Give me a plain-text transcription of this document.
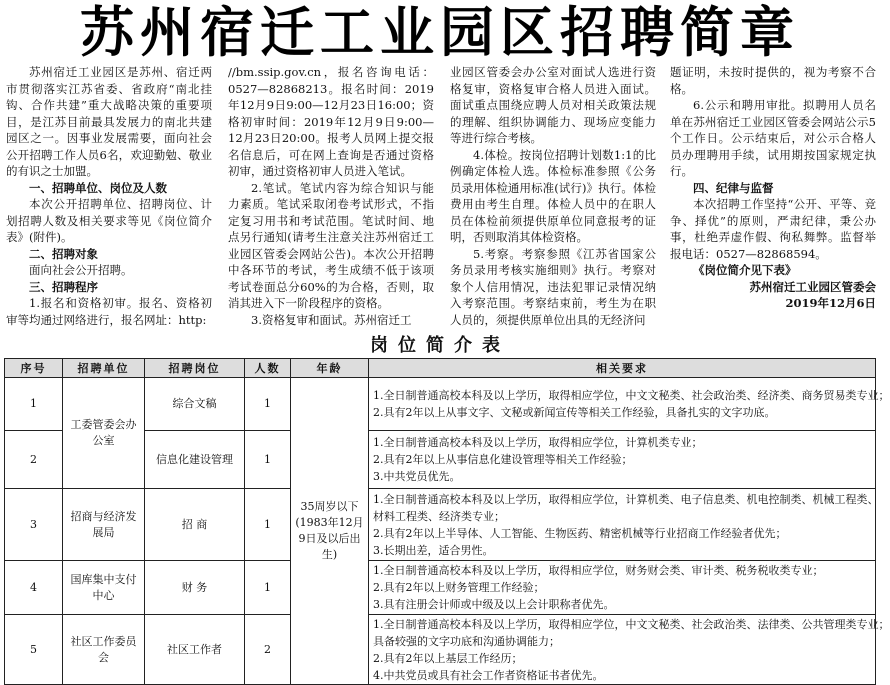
苏州宿迁工业园区招聘简章

苏州宿迁工业园区是苏州、宿迁两市贯彻落实江苏省委、省政府“南北挂钩、合作共建”重大战略决策的重要项目，是江苏目前最具发展力的南北共建园区之一。因事业发展需要，面向社会公开招聘工作人员6名，欢迎勤勉、敬业的有识之士加盟。

一、招聘单位、岗位及人数

本次公开招聘单位、招聘岗位、计划招聘人数及相关要求等见《岗位简介表》(附件)。

二、招聘对象

面向社会公开招聘。

三、招聘程序

1.报名和资格初审。报名、资格初审等均通过网络进行，报名网址：http:

//bm.ssip.gov.cn，报名咨询电话：0527—82868213。报名时间：2019年12月9日9:00—12月23日16:00；资格初审时间：2019年12月9日9:00—12月23日20:00。报考人员网上提交报名信息后，可在网上查询是否通过资格初审，通过资格初审人员进入笔试。

2.笔试。笔试内容为综合知识与能力素质。笔试采取闭卷考试形式，不指定复习用书和考试范围。笔试时间、地点另行通知(请考生注意关注苏州宿迁工业园区管委会网站公告)。本次公开招聘中各环节的考试，考生成绩不低于该项考试卷面总分60%的为合格，否则，取消其进入下一阶段程序的资格。

3.资格复审和面试。苏州宿迁工

业园区管委会办公室对面试人选进行资格复审，资格复审合格人员进入面试。面试重点围绕应聘人员对相关政策法规的理解、组织协调能力、现场应变能力等进行综合考核。

4.体检。按岗位招聘计划数1:1的比例确定体检人选。体检标准参照《公务员录用体检通用标准(试行)》执行。体检费用由考生自理。体检人员中的在职人员在体检前须提供原单位同意报考的证明，否则取消其体检资格。

5.考察。考察参照《江苏省国家公务员录用考核实施细则》执行。考察对象个人信用情况，违法犯罪记录情况纳入考察范围。考察结束前，考生为在职人员的，须提供原单位出具的无经济问

题证明，未按时提供的，视为考察不合格。

6.公示和聘用审批。拟聘用人员名单在苏州宿迁工业园区管委会网站公示5个工作日。公示结束后，对公示合格人员办理聘用手续，试用期按国家规定执行。

四、纪律与监督

本次招聘工作坚持“公开、平等、竞争、择优”的原则，严肃纪律，秉公办事，杜绝弄虚作假、徇私舞弊。监督举报电话：0527—82868594。

《岗位简介见下表》

苏州宿迁工业园区管委会

2019年12月6日

岗位简介表
序号	招聘单位	招聘岗位	人数	年龄	相关要求
1	工委管委会办公室	综合文稿	1	35周岁以下(1983年12月9日及以后出生)	1.全日制普通高校本科及以上学历，取得相应学位，中文文秘类、社会政治类、经济类、商务贸易类专业；
2.具有2年以上从事文字、文秘或新闻宣传等相关工作经验，具备扎实的文字功底。

2		信息化建设管理	1		1.全日制普通高校本科及以上学历，取得相应学位，计算机类专业；
2.具有2年以上从事信息化建设管理等相关工作经验；
3.中共党员优先。

3	招商与经济发展局	招 商	1		1.全日制普通高校本科及以上学历，取得相应学位，计算机类、电子信息类、机电控制类、机械工程类、
材料工程类、经济类专业；
2.具有2年以上半导体、人工智能、生物医药、精密机械等行业招商工作经验者优先；
3.长期出差，适合男性。

4	国库集中支付中心	财 务	1		1.全日制普通高校本科及以上学历，取得相应学位，财务财会类、审计类、税务税收类专业；
2.具有2年以上财务管理工作经验；
3.具有注册会计师或中级及以上会计职称者优先。

5	社区工作委员会	社区工作者	2		1.全日制普通高校本科及以上学历，取得相应学位，中文文秘类、社会政治类、法律类、公共管理类专业；
具备较强的文字功底和沟通协调能力；
2.具有2年以上基层工作经历；
4.中共党员或具有社会工作者资格证书者优先。
